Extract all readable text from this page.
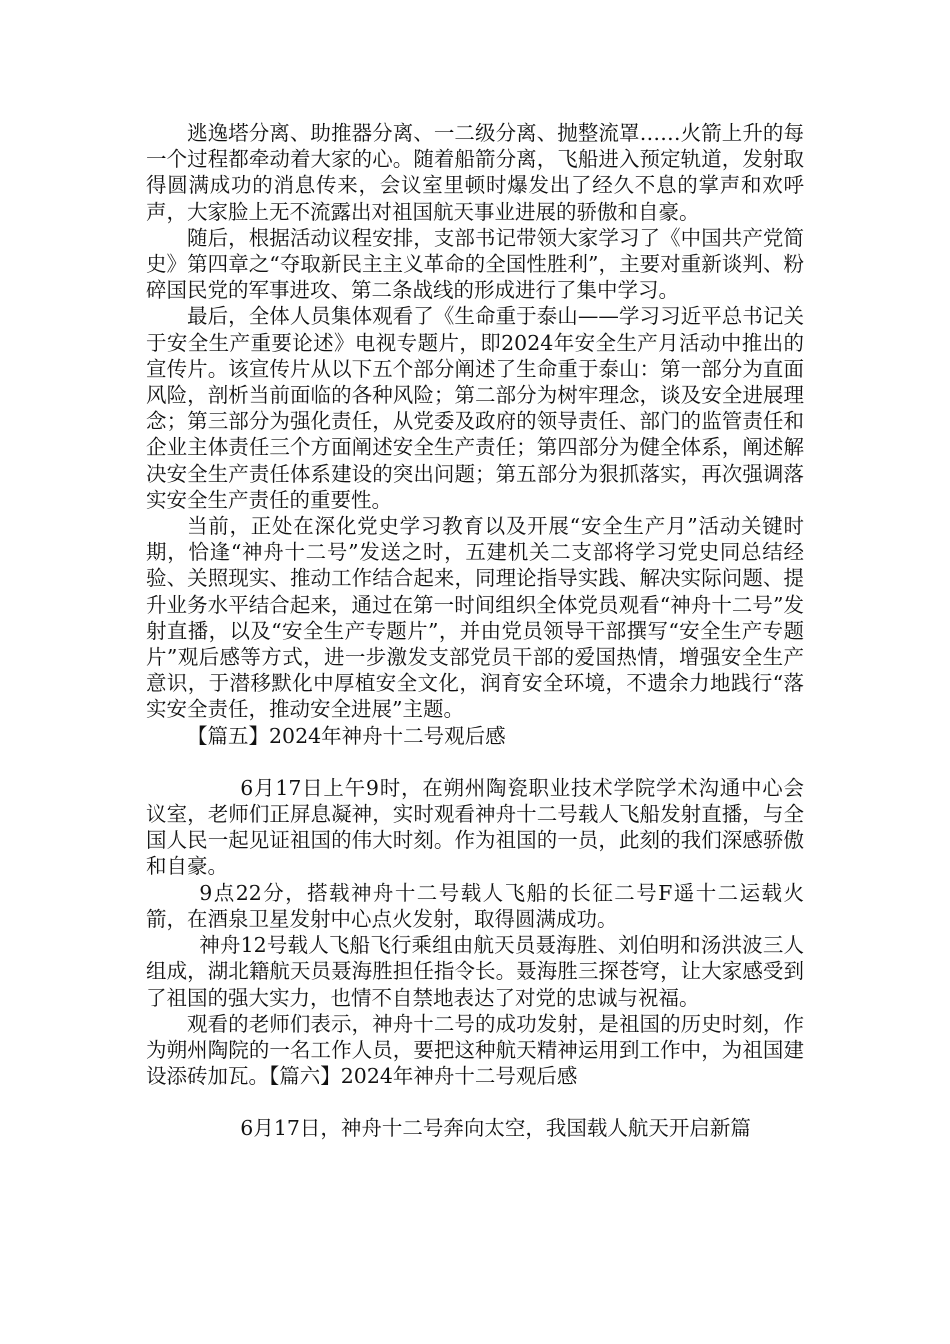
逃逸塔分离、助推器分离、一二级分离、抛整流罩……火箭上升的每一个过程都牵动着大家的心。随着船箭分离，飞船进入预定轨道，发射取得圆满成功的消息传来，会议室里顿时爆发出了经久不息的掌声和欢呼声，大家脸上无不流露出对祖国航天事业进展的骄傲和自豪。

随后，根据活动议程安排，支部书记带领大家学习了《中国共产党简史》第四章之“夺取新民主主义革命的全国性胜利”，主要对重新谈判、粉碎国民党的军事进攻、第二条战线的形成进行了集中学习。

最后，全体人员集体观看了《生命重于泰山——学习习近平总书记关于安全生产重要论述》电视专题片，即2024年安全生产月活动中推出的宣传片。该宣传片从以下五个部分阐述了生命重于泰山：第一部分为直面风险，剖析当前面临的各种风险；第二部分为树牢理念，谈及安全进展理念；第三部分为强化责任，从党委及政府的领导责任、部门的监管责任和企业主体责任三个方面阐述安全生产责任；第四部分为健全体系，阐述解决安全生产责任体系建设的突出问题；第五部分为狠抓落实，再次强调落实安全生产责任的重要性。

当前，正处在深化党史学习教育以及开展“安全生产月”活动关键时期，恰逢“神舟十二号”发送之时，五建机关二支部将学习党史同总结经验、关照现实、推动工作结合起来，同理论指导实践、解决实际问题、提升业务水平结合起来，通过在第一时间组织全体党员观看“神舟十二号”发射直播，以及“安全生产专题片”，并由党员领导干部撰写“安全生产专题片”观后感等方式，进一步激发支部党员干部的爱国热情，增强安全生产意识，于潜移默化中厚植安全文化，润育安全环境，不遗余力地践行“落实安全责任，推动安全进展”主题。

【篇五】2024年神舟十二号观后感

6月17日上午9时，在朔州陶瓷职业技术学院学术沟通中心会议室，老师们正屏息凝神，实时观看神舟十二号载人飞船发射直播，与全国人民一起见证祖国的伟大时刻。作为祖国的一员，此刻的我们深感骄傲和自豪。

9点22分，搭载神舟十二号载人飞船的长征二号F遥十二运载火箭，在酒泉卫星发射中心点火发射，取得圆满成功。

神舟12号载人飞船飞行乘组由航天员聂海胜、刘伯明和汤洪波三人组成，湖北籍航天员聂海胜担任指令长。聂海胜三探苍穹，让大家感受到了祖国的强大实力，也情不自禁地表达了对党的忠诚与祝福。

观看的老师们表示，神舟十二号的成功发射，是祖国的历史时刻，作为朔州陶院的一名工作人员，要把这种航天精神运用到工作中，为祖国建设添砖加瓦。【篇六】2024年神舟十二号观后感

6月17日，神舟十二号奔向太空，我国载人航天开启新篇
